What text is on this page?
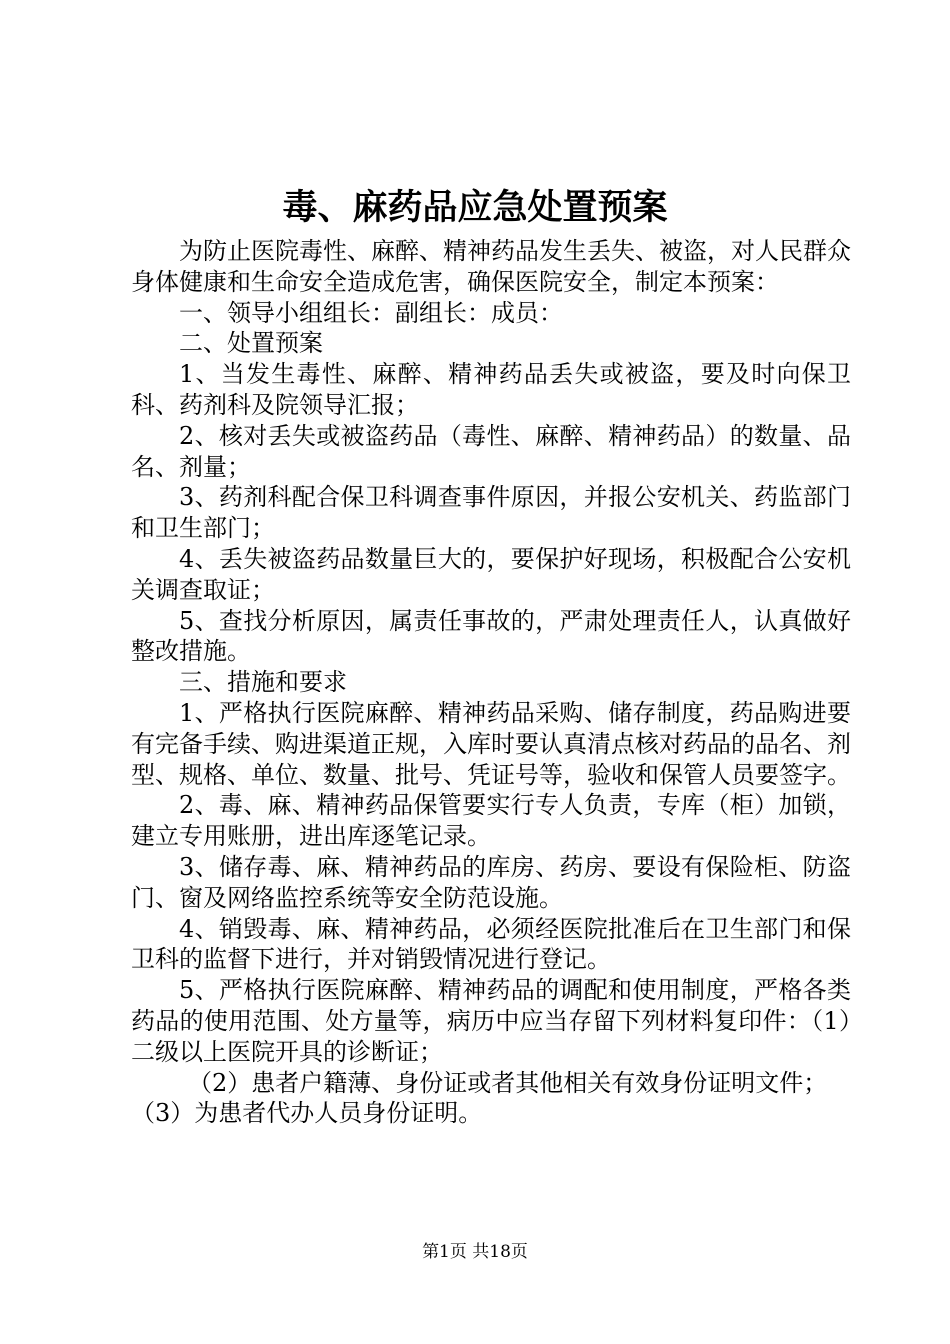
毒、麻药品应急处置预案

为防止医院毒性、麻醉、精神药品发生丢失、被盗，对人民群众身体健康和生命安全造成危害，确保医院安全，制定本预案：

一、领导小组组长：副组长：成员：

二、处置预案

1、当发生毒性、麻醉、精神药品丢失或被盗，要及时向保卫科、药剂科及院领导汇报；

2、核对丢失或被盗药品（毒性、麻醉、精神药品）的数量、品名、剂量；

3、药剂科配合保卫科调查事件原因，并报公安机关、药监部门和卫生部门；

4、丢失被盗药品数量巨大的，要保护好现场，积极配合公安机关调查取证；

5、查找分析原因，属责任事故的，严肃处理责任人，认真做好整改措施。

三、措施和要求

1、严格执行医院麻醉、精神药品采购、储存制度，药品购进要有完备手续、购进渠道正规，入库时要认真清点核对药品的品名、剂型、规格、单位、数量、批号、凭证号等，验收和保管人员要签字。

2、毒、麻、精神药品保管要实行专人负责，专库（柜）加锁，建立专用账册，进出库逐笔记录。

3、储存毒、麻、精神药品的库房、药房、要设有保险柜、防盗门、窗及网络监控系统等安全防范设施。

4、销毁毒、麻、精神药品，必须经医院批准后在卫生部门和保卫科的监督下进行，并对销毁情况进行登记。

5、严格执行医院麻醉、精神药品的调配和使用制度，严格各类药品的使用范围、处方量等，病历中应当存留下列材料复印件：（1）二级以上医院开具的诊断证；

（2）患者户籍薄、身份证或者其他相关有效身份证明文件；

（3）为患者代办人员身份证明。

第1页 共18页
